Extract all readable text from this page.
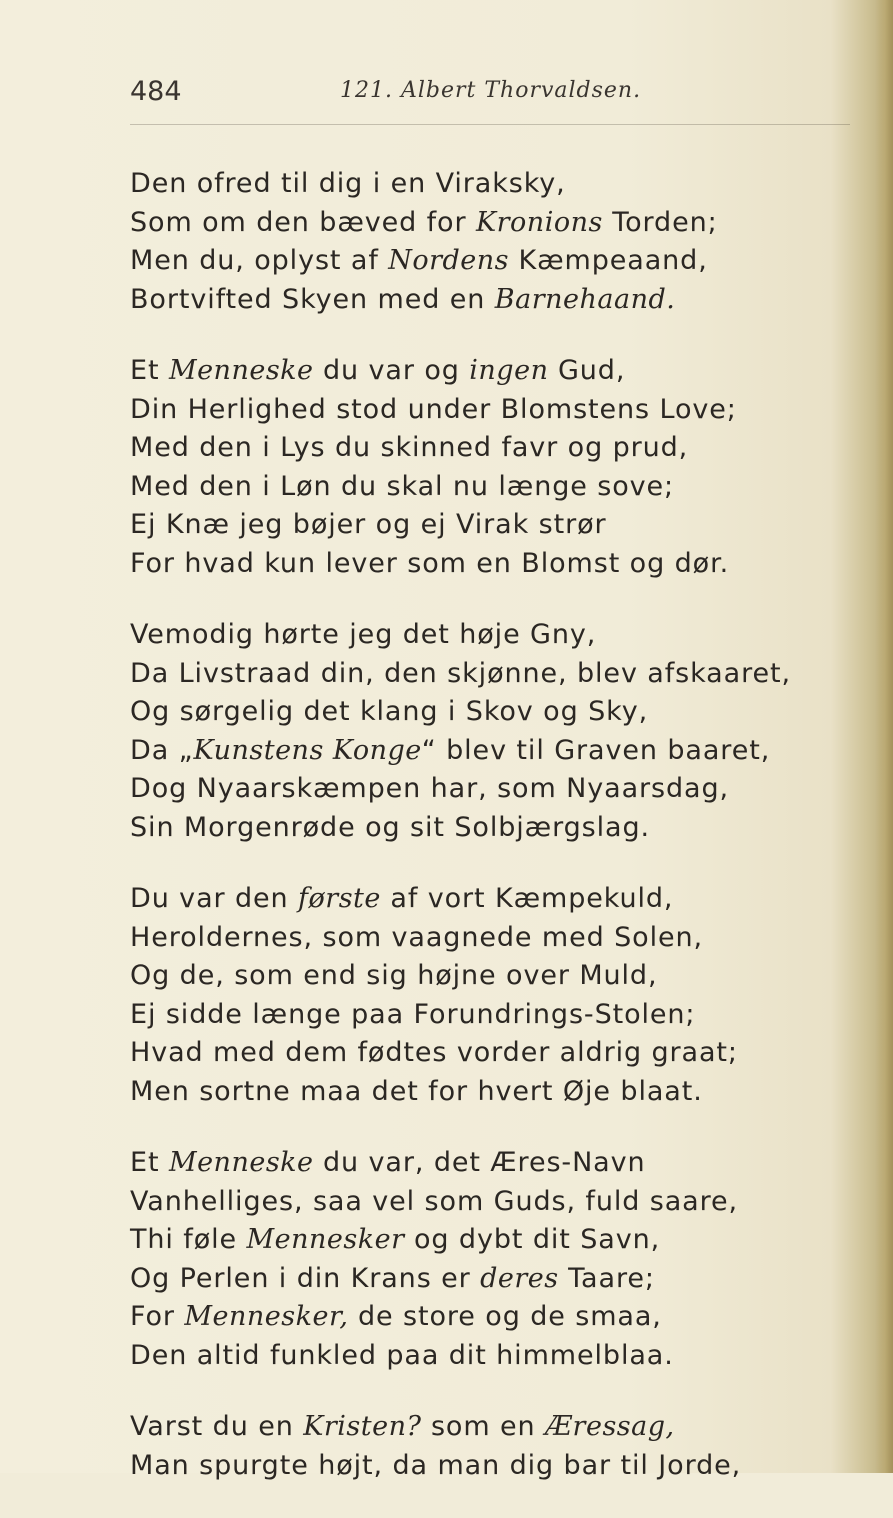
484	121. Albert Thorvaldsen.
Den ofred til dig i en Viraksky,
Som om den bæved for Kronions Torden;
Men du, oplyst af Nordens Kæmpeaand,
Bortvifted Skyen med en Barnehaand.
Et Menneske du var og ingen Gud,
Din Herlighed stod under Blomstens Love;
Med den i Lys du skinned favr og prud,
Med den i Løn du skal nu længe sove;
Ej Knæ jeg bøjer og ej Virak strør
For hvad kun lever som en Blomst og dør.
Vemodig hørte jeg det høje Gny,
Da Livstraad din, den skjønne, blev afskaaret,
Og sørgelig det klang i Skov og Sky,
Da „Kunstens Konge“ blev til Graven baaret,
Dog Nyaarskæmpen har, som Nyaarsdag,
Sin Morgenrøde og sit Solbjærgslag.
Du var den første af vort Kæmpekuld,
Heroldernes, som vaagnede med Solen,
Og de, som end sig højne over Muld,
Ej sidde længe paa Forundrings-Stolen;
Hvad med dem fødtes vorder aldrig graat;
Men sortne maa det for hvert Øje blaat.
Et Menneske du var, det Æres-Navn
Vanhelliges, saa vel som Guds, fuld saare,
Thi føle Mennesker og dybt dit Savn,
Og Perlen i din Krans er deres Taare;
For Mennesker, de store og de smaa,
Den altid funkled paa dit himmelblaa.
Varst du en Kristen? som en Æressag,
Man spurgte højt, da man dig bar til Jorde,
